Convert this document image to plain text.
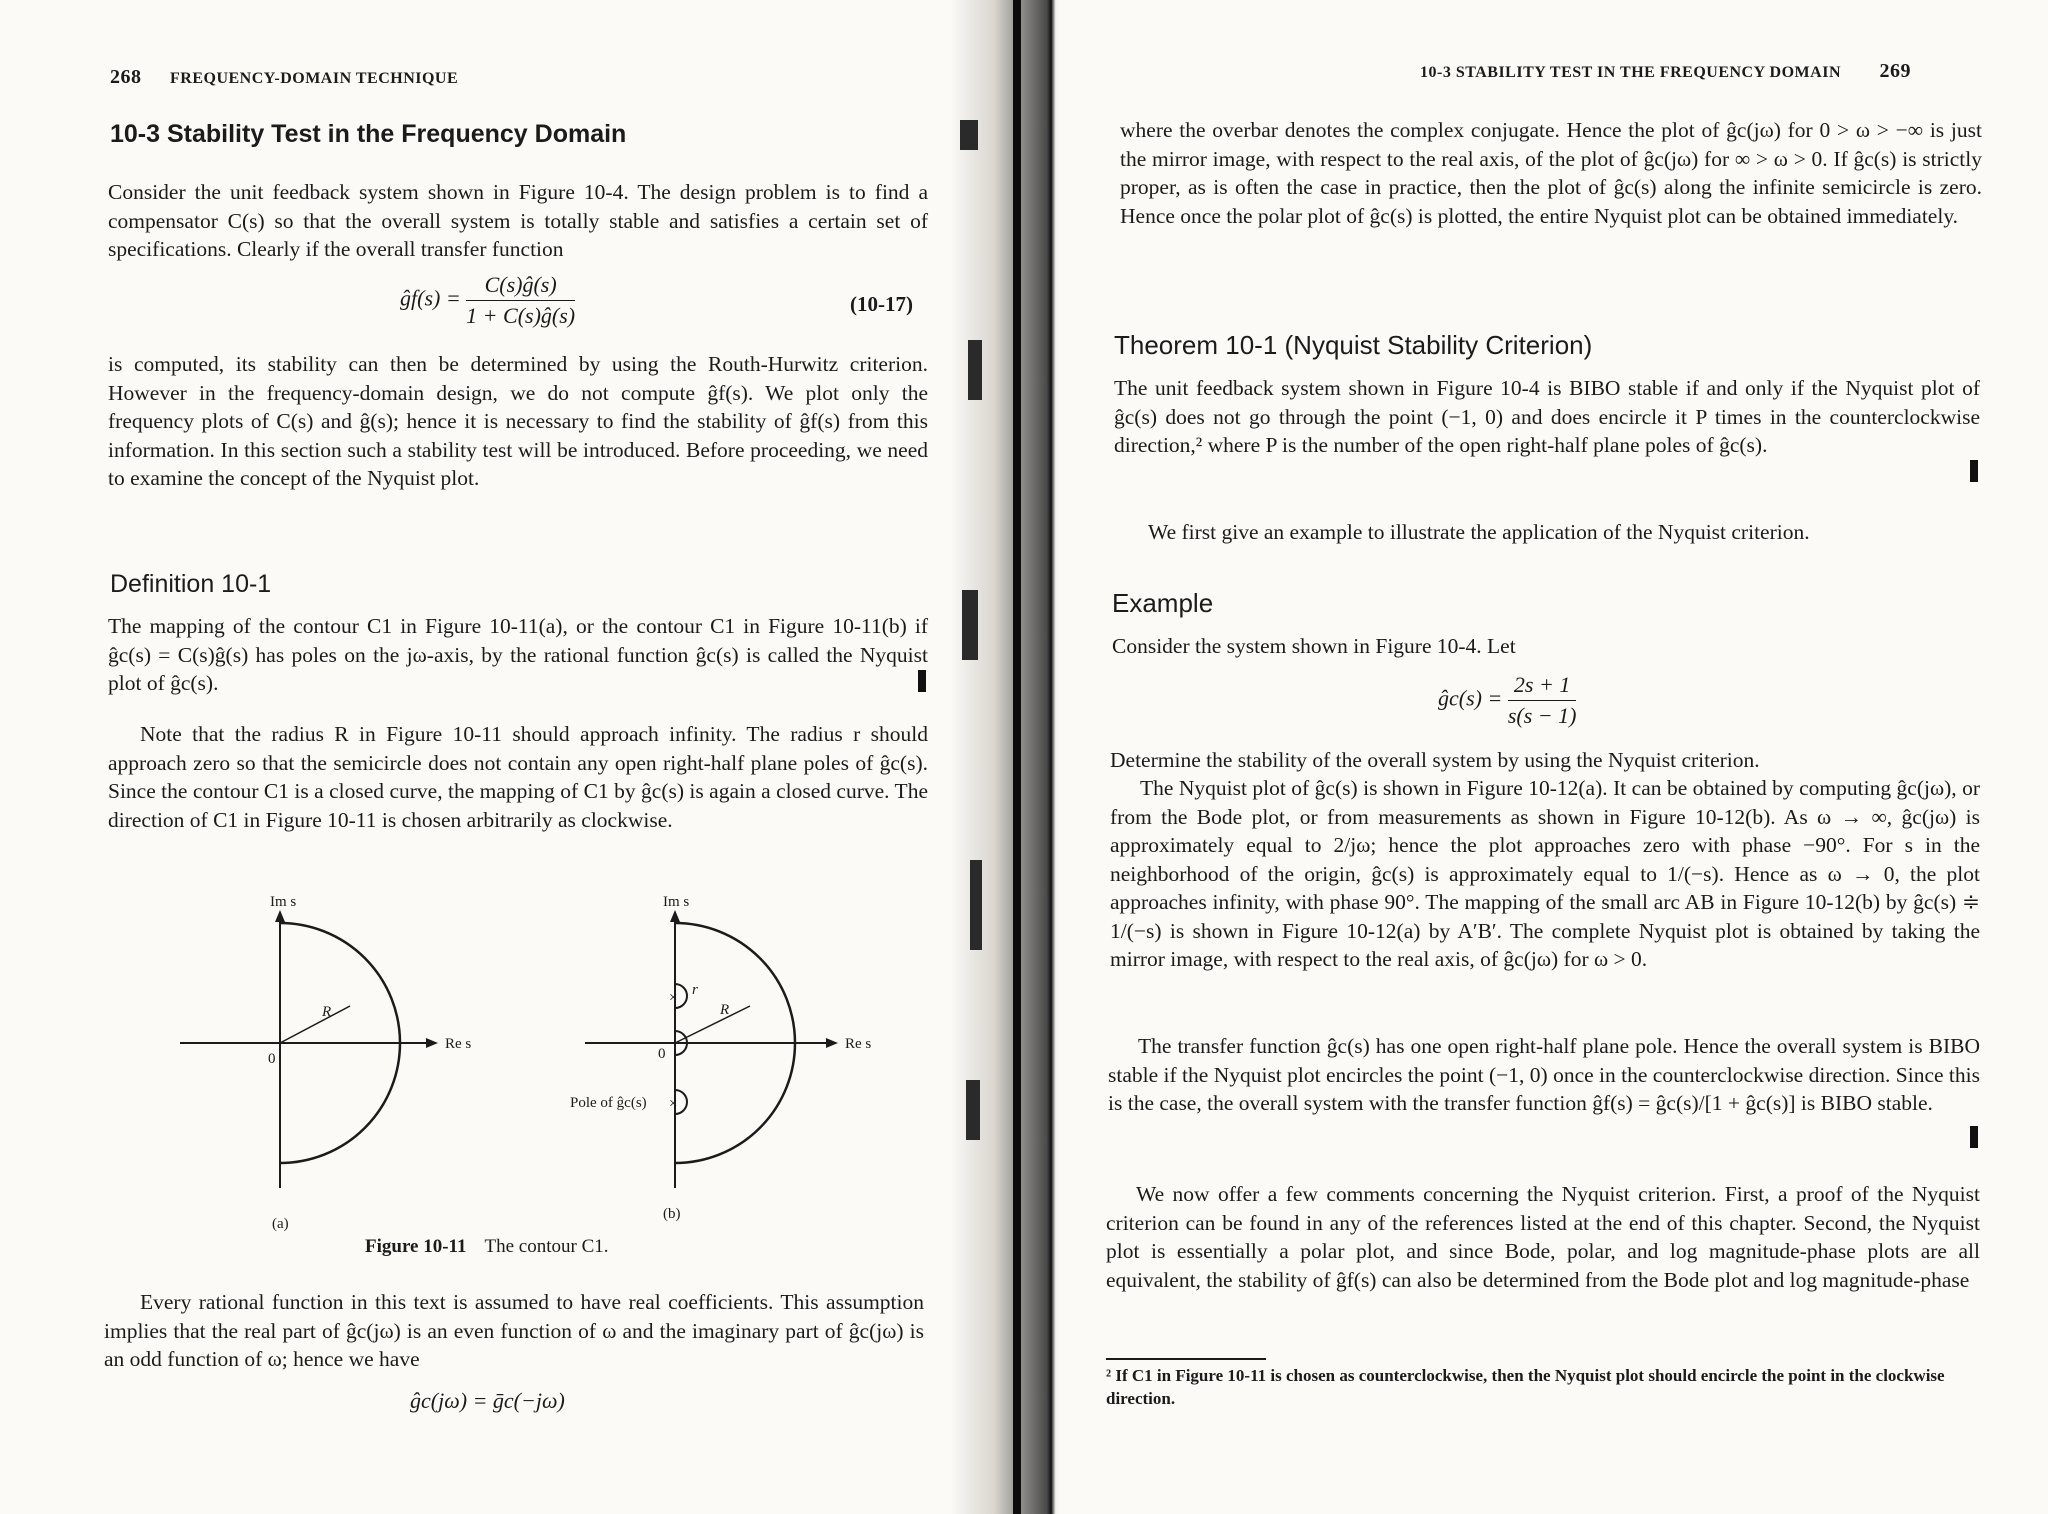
268 FREQUENCY-DOMAIN TECHNIQUE
10-3 Stability Test in the Frequency Domain

Consider the unit feedback system shown in Figure 10-4. The design problem is to find a compensator C(s) so that the overall system is totally stable and satisfies a certain set of specifications. Clearly if the overall transfer function

ĝf(s) = $\frac{C(s)ĝ(s)}{1 + C(s)ĝ(s)}$	(10-17)

is computed, its stability can then be determined by using the Routh-Hurwitz criterion. However in the frequency-domain design, we do not compute ĝf(s). We plot only the frequency plots of C(s) and ĝ(s); hence it is necessary to find the stability of ĝf(s) from this information. In this section such a stability test will be introduced. Before proceeding, we need to examine the concept of the Nyquist plot.

Definition 10-1

The mapping of the contour C1 in Figure 10-11(a), or the contour C1 in Figure 10-11(b) if ĝc(s) = C(s)ĝ(s) has poles on the jω-axis, by the rational function ĝc(s) is called the Nyquist plot of ĝc(s).

Note that the radius R in Figure 10-11 should approach infinity. The radius r should approach zero so that the semicircle does not contain any open right-half plane poles of ĝc(s). Since the contour C1 is a closed curve, the mapping of C1 by ĝc(s) is again a closed curve. The direction of C1 in Figure 10-11 is chosen arbitrarily as clockwise.

Im s
Re s
0
R
(a)
×
×
Im s
Re s
0
R
r
Pole of ĝc(s)
(b)
Figure 10-11 The contour C1.

Every rational function in this text is assumed to have real coefficients. This assumption implies that the real part of ĝc(jω) is an even function of ω and the imaginary part of ĝc(jω) is an odd function of ω; hence we have

ĝc(jω) = ḡc(−jω)
10-3 STABILITY TEST IN THE FREQUENCY DOMAIN 269

where the overbar denotes the complex conjugate. Hence the plot of ĝc(jω) for 0 > ω > −∞ is just the mirror image, with respect to the real axis, of the plot of ĝc(jω) for ∞ > ω > 0. If ĝc(s) is strictly proper, as is often the case in practice, then the plot of ĝc(s) along the infinite semicircle is zero. Hence once the polar plot of ĝc(s) is plotted, the entire Nyquist plot can be obtained immediately.

Theorem 10-1 (Nyquist Stability Criterion)

The unit feedback system shown in Figure 10-4 is BIBO stable if and only if the Nyquist plot of ĝc(s) does not go through the point (−1, 0) and does encircle it P times in the counterclockwise direction,² where P is the number of the open right-half plane poles of ĝc(s).

We first give an example to illustrate the application of the Nyquist criterion.

Example

Consider the system shown in Figure 10-4. Let

ĝc(s) = $\frac{2s + 1}{s(s - 1)}$

Determine the stability of the overall system by using the Nyquist criterion.

The Nyquist plot of ĝc(s) is shown in Figure 10-12(a). It can be obtained by computing ĝc(jω), or from the Bode plot, or from measurements as shown in Figure 10-12(b). As ω → ∞, ĝc(jω) is approximately equal to 2/jω; hence the plot approaches zero with phase −90°. For s in the neighborhood of the origin, ĝc(s) is approximately equal to 1/(−s). Hence as ω → 0, the plot approaches infinity, with phase 90°. The mapping of the small arc AB in Figure 10-12(b) by ĝc(s) ≑ 1/(−s) is shown in Figure 10-12(a) by A′B′. The complete Nyquist plot is obtained by taking the mirror image, with respect to the real axis, of ĝc(jω) for ω > 0.

The transfer function ĝc(s) has one open right-half plane pole. Hence the overall system is BIBO stable if the Nyquist plot encircles the point (−1, 0) once in the counterclockwise direction. Since this is the case, the overall system with the transfer function ĝf(s) = ĝc(s)/[1 + ĝc(s)] is BIBO stable.

We now offer a few comments concerning the Nyquist criterion. First, a proof of the Nyquist criterion can be found in any of the references listed at the end of this chapter. Second, the Nyquist plot is essentially a polar plot, and since Bode, polar, and log magnitude-phase plots are all equivalent, the stability of ĝf(s) can also be determined from the Bode plot and log magnitude-phase

² If C1 in Figure 10-11 is chosen as counterclockwise, then the Nyquist plot should encircle the point in the clockwise direction.
